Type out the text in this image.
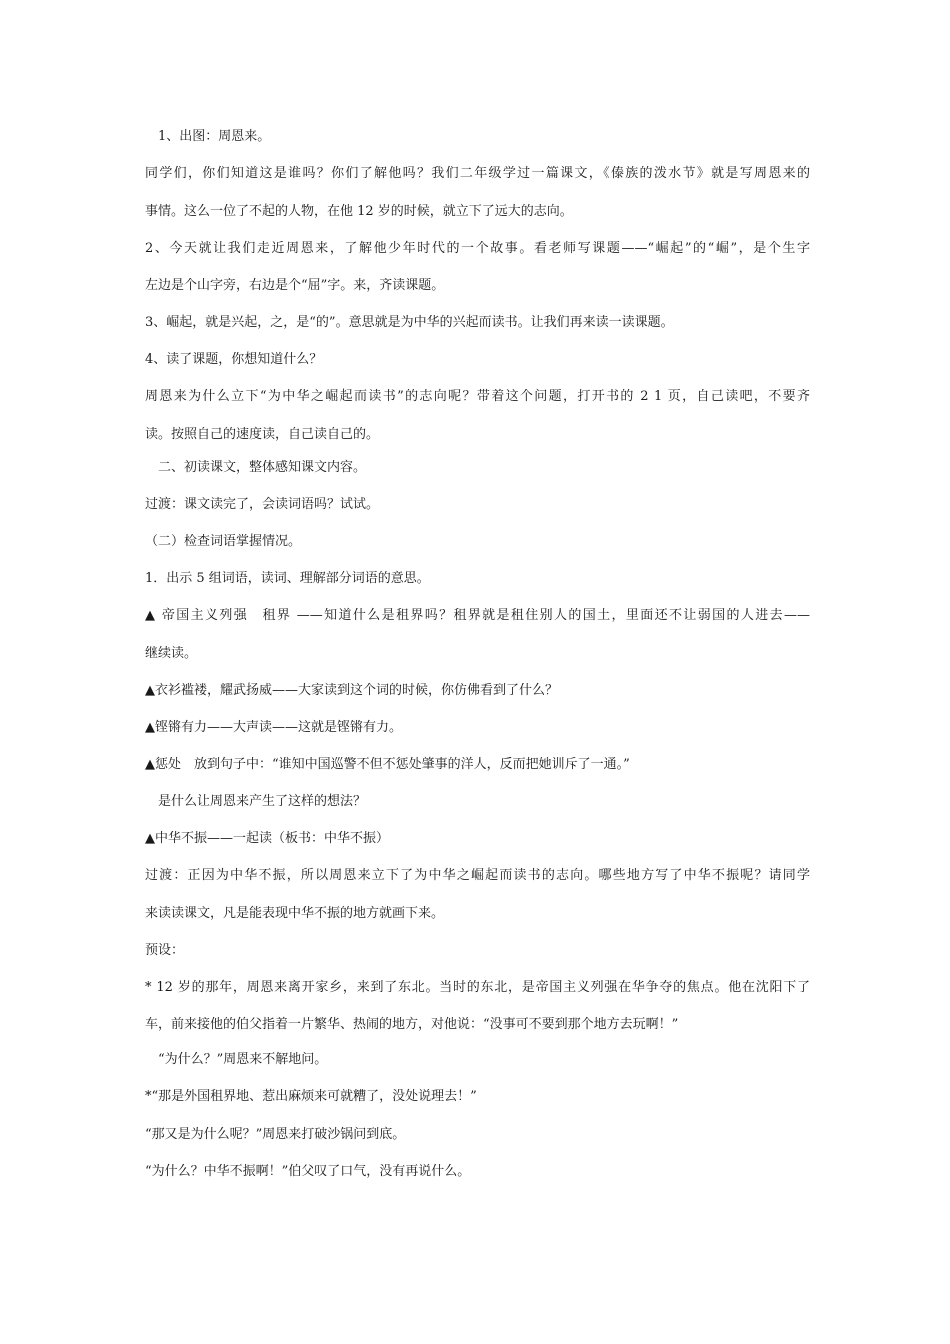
　1、出图：周恩来。
同学们，你们知道这是谁吗？你们了解他吗？我们二年级学过一篇课文，《傣族的泼水节》就是写周恩来的
事情。这么一位了不起的人物，在他 12 岁的时候，就立下了远大的志向。
2、今天就让我们走近周恩来，了解他少年时代的一个故事。看老师写课题——“崛起”的“崛”，是个生字
左边是个山字旁，右边是个“屈”字。来，齐读课题。
3、崛起，就是兴起，之，是“的”。意思就是为中华的兴起而读书。让我们再来读一读课题。
4、读了课题，你想知道什么？
周恩来为什么立下“为中华之崛起而读书”的志向呢？带着这个问题，打开书的 2 1 页，自己读吧，不要齐
读。按照自己的速度读，自己读自己的。
　二、初读课文，整体感知课文内容。
过渡：课文读完了，会读词语吗？试试。
（二）检查词语掌握情况。
1．出示 5 组词语，读词、理解部分词语的意思。
▲ 帝国主义列强　租界 ——知道什么是租界吗？租界就是租住别人的国土，里面还不让弱国的人进去——
继续读。
▲衣衫褴褛，耀武扬威——大家读到这个词的时候，你仿佛看到了什么？
▲铿锵有力——大声读——这就是铿锵有力。
▲惩处　放到句子中：“谁知中国巡警不但不惩处肇事的洋人，反而把她训斥了一通。”
　是什么让周恩来产生了这样的想法？
▲中华不振——一起读（板书：中华不振）
过渡：正因为中华不振，所以周恩来立下了为中华之崛起而读书的志向。哪些地方写了中华不振呢？请同学
来读读课文，凡是能表现中华不振的地方就画下来。
预设：
* 12 岁的那年，周恩来离开家乡，来到了东北。当时的东北，是帝国主义列强在华争夺的焦点。他在沈阳下了
车，前来接他的伯父指着一片繁华、热闹的地方，对他说：“没事可不要到那个地方去玩啊！”
　“为什么？”周恩来不解地问。
*“那是外国租界地、惹出麻烦来可就糟了，没处说理去！”
“那又是为什么呢？”周恩来打破沙锅问到底。
“为什么？中华不振啊！”伯父叹了口气，没有再说什么。
